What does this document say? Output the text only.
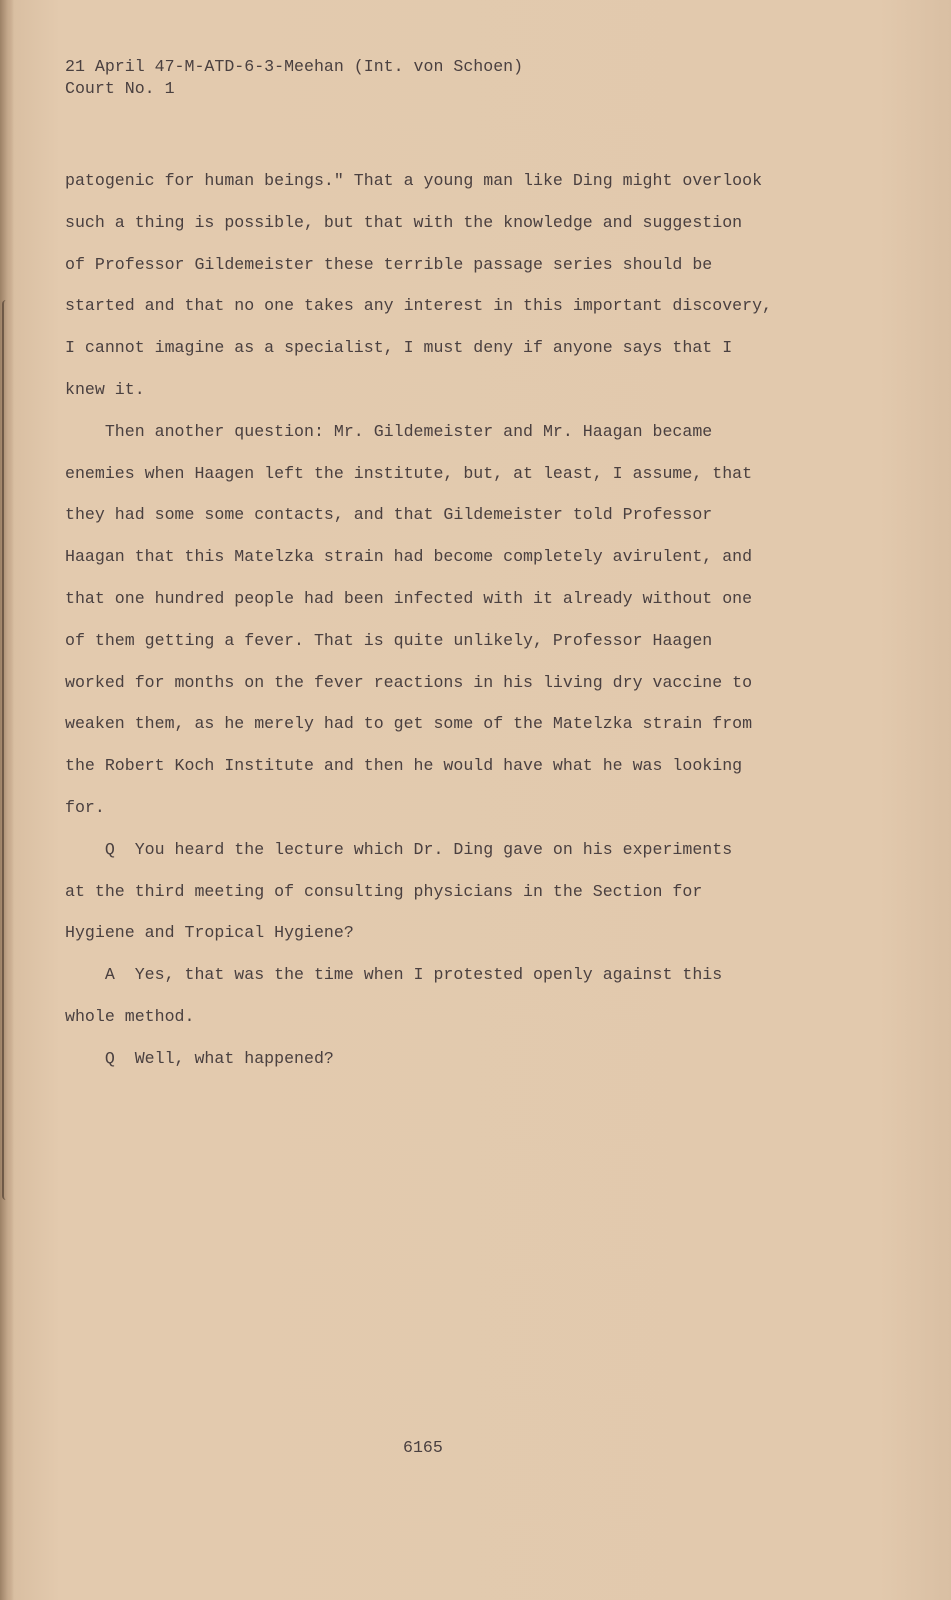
21 April 47-M-ATD-6-3-Meehan (Int. von Schoen)

Court No. 1

patogenic for human beings." That a young man like Ding might overlook

such a thing is possible, but that with the knowledge and suggestion

of Professor Gildemeister these terrible passage series should be

started and that no one takes any interest in this important discovery,

I cannot imagine as a specialist, I must deny if anyone says that I

knew it.

Then another question: Mr. Gildemeister and Mr. Haagan became

enemies when Haagen left the institute, but, at least, I assume, that

they had some some contacts, and that Gildemeister told Professor

Haagan that this Matelzka strain had become completely avirulent, and

that one hundred people had been infected with it already without one

of them getting a fever. That is quite unlikely, Professor Haagen

worked for months on the fever reactions in his living dry vaccine to

weaken them, as he merely had to get some of the Matelzka strain from

the Robert Koch Institute and then he would have what he was looking

for.

Q  You heard the lecture which Dr. Ding gave on his experiments

at the third meeting of consulting physicians in the Section for

Hygiene and Tropical Hygiene?

A  Yes, that was the time when I protested openly against this

whole method.

Q  Well, what happened?

6165
